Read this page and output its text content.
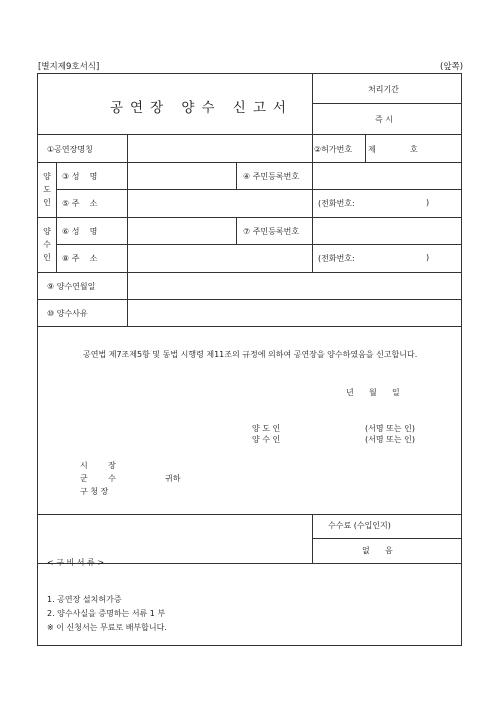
[별지제9호서식]	(앞쪽)
공연장 양수 신고서
처리기간
즉 시
①공연장명칭	②허가번호 제	호
양도인
③ 성    명	④ 주민등록번호
⑤ 주    소	(전화번호:	)
양수인
⑥ 성    명	⑦ 주민등록번호
⑧ 주    소	(전화번호:	)
⑨ 양수연월일
⑩ 양수사유
공연법 제7조제5항 및 동법 시행령 제11조의 규정에 의하여 공연장을 양수하였음을 신고합니다.
년      월      일
양 도 인	(서명 또는 인)
양 수 인	(서명 또는 인)
시        장
군        수	귀하
구 청 장
수수료 (수입인지)
없      음
< 구 비 서 류 >
1. 공연장 설치허가증
2. 양수사실을 증명하는 서류 1 부
※ 이 신청서는 무료로 배부합니다.
